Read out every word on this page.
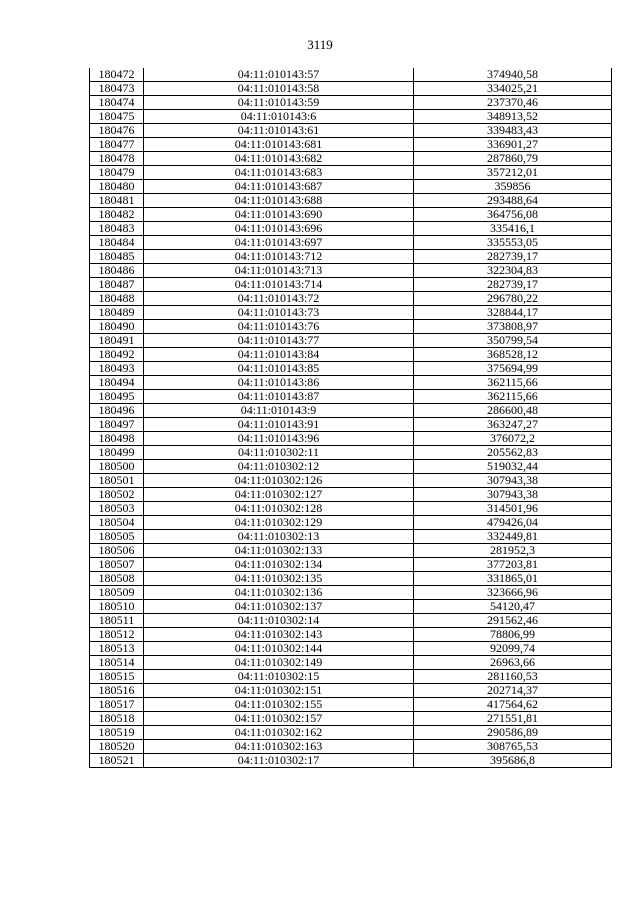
3119
180472	04:11:010143:57	374940,58
180473	04:11:010143:58	334025,21
180474	04:11:010143:59	237370,46
180475	04:11:010143:6	348913,52
180476	04:11:010143:61	339483,43
180477	04:11:010143:681	336901,27
180478	04:11:010143:682	287860,79
180479	04:11:010143:683	357212,01
180480	04:11:010143:687	359856
180481	04:11:010143:688	293488,64
180482	04:11:010143:690	364756,08
180483	04:11:010143:696	335416,1
180484	04:11:010143:697	335553,05
180485	04:11:010143:712	282739,17
180486	04:11:010143:713	322304,83
180487	04:11:010143:714	282739,17
180488	04:11:010143:72	296780,22
180489	04:11:010143:73	328844,17
180490	04:11:010143:76	373808,97
180491	04:11:010143:77	350799,54
180492	04:11:010143:84	368528,12
180493	04:11:010143:85	375694,99
180494	04:11:010143:86	362115,66
180495	04:11:010143:87	362115,66
180496	04:11:010143:9	286600,48
180497	04:11:010143:91	363247,27
180498	04:11:010143:96	376072,2
180499	04:11:010302:11	205562,83
180500	04:11:010302:12	519032,44
180501	04:11:010302:126	307943,38
180502	04:11:010302:127	307943,38
180503	04:11:010302:128	314501,96
180504	04:11:010302:129	479426,04
180505	04:11:010302:13	332449,81
180506	04:11:010302:133	281952,3
180507	04:11:010302:134	377203,81
180508	04:11:010302:135	331865,01
180509	04:11:010302:136	323666,96
180510	04:11:010302:137	54120,47
180511	04:11:010302:14	291562,46
180512	04:11:010302:143	78806,99
180513	04:11:010302:144	92099,74
180514	04:11:010302:149	26963,66
180515	04:11:010302:15	281160,53
180516	04:11:010302:151	202714,37
180517	04:11:010302:155	417564,62
180518	04:11:010302:157	271551,81
180519	04:11:010302:162	290586,89
180520	04:11:010302:163	308765,53
180521	04:11:010302:17	395686,8
